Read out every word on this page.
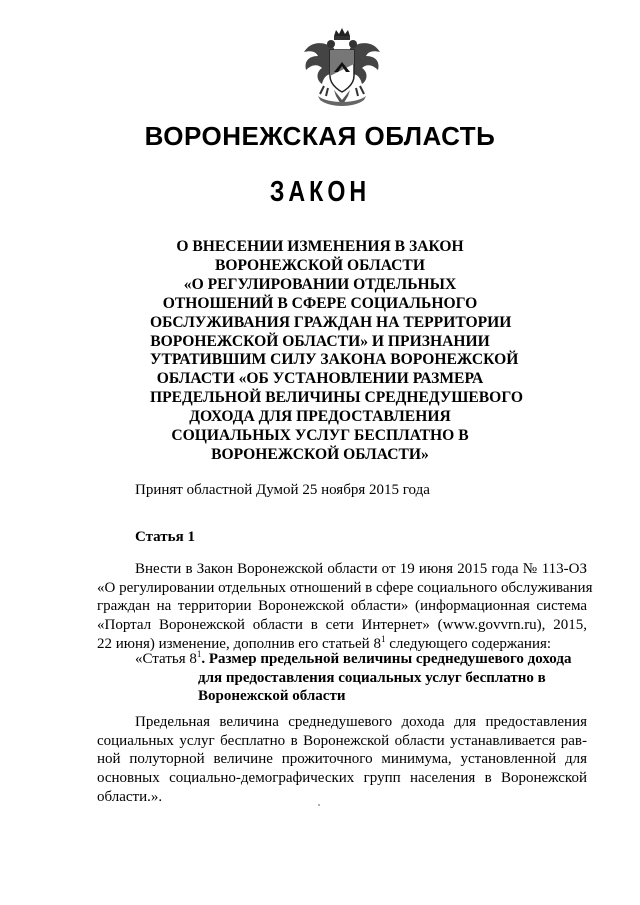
ВОРОНЕЖСКАЯ ОБЛАСТЬ
ЗАКОН
О ВНЕСЕНИИ ИЗМЕНЕНИЯ В ЗАКОН
ВОРОНЕЖСКОЙ ОБЛАСТИ
«О РЕГУЛИРОВАНИИ ОТДЕЛЬНЫХ
ОТНОШЕНИЙ В СФЕРЕ СОЦИАЛЬНОГО
ОБСЛУЖИВАНИЯ ГРАЖДАН НА ТЕРРИТОРИИ
ВОРОНЕЖСКОЙ ОБЛАСТИ» И ПРИЗНАНИИ
УТРАТИВШИМ СИЛУ ЗАКОНА ВОРОНЕЖСКОЙ
ОБЛАСТИ «ОБ УСТАНОВЛЕНИИ РАЗМЕРА
ПРЕДЕЛЬНОЙ ВЕЛИЧИНЫ СРЕДНЕДУШЕВОГО
ДОХОДА ДЛЯ ПРЕДОСТАВЛЕНИЯ
СОЦИАЛЬНЫХ УСЛУГ БЕСПЛАТНО В
ВОРОНЕЖСКОЙ ОБЛАСТИ»

Принят областной Думой 25 ноября 2015 года

Статья 1

Внести в Закон Воронежской области от 19 июня 2015 года № 113-ОЗ
«О регулировании отдельных отношений в сфере социального обслуживания
граждан на территории Воронежской области» (информационная система
«Портал Воронежской области в сети Интернет» (www.govvrn.ru), 2015,
22 июня) изменение, дополнив его статьей $8^1$ следующего содержания:
«Статья $8^1$. Размер предельной величины среднедушевого дохода
для предоставления социальных услуг бесплатно в
Воронежской области
Предельная величина среднедушевого дохода для предоставления
социальных услуг бесплатно в Воронежской области устанавливается рав-
ной полуторной величине прожиточного минимума, установленной для
основных социально-демографических групп населения в Воронежской
области.».
